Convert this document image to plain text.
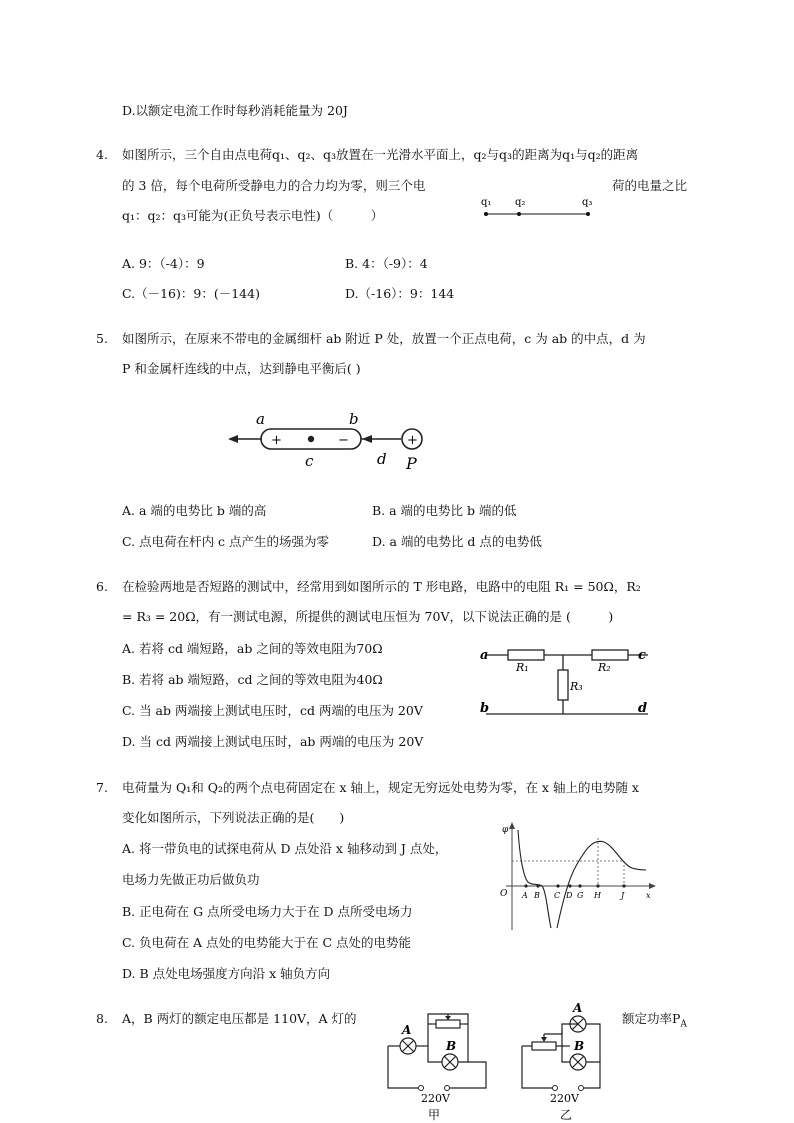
D.以额定电流工作时每秒消耗能量为 20J
4. 如图所示，三个自由点电荷q₁、q₂、q₃放置在一光滑水平面上，q₂与q₃的距离为q₁与q₂的距离
的 3 倍，每个电荷所受静电力的合力均为零，则三个电	荷的电量之比
q₁：q₂：q₃可能为(正负号表示电性)（　　　）
q₁ q₂	q₃
A. 9：（-4）：9	B. 4：（-9）：4
C.（－16)：9：(－144)	D.（-16）：9：144
5. 如图所示，在原来不带电的金属细杆 ab 附近 P 处，放置一个正点电荷，c 为 ab 的中点，d 为
P 和金属杆连线的中点，达到静电平衡后( )
+	−	+
a	b
c	d P
A. a 端的电势比 b 端的高	B. a 端的电势比 b 端的低
C. 点电荷在杆内 c 点产生的场强为零	D. a 端的电势比 d 点的电势低
6. 在检验两地是否短路的测试中，经常用到如图所示的 T 形电路，电路中的电阻 R₁ = 50Ω，R₂
= R₃ = 20Ω，有一测试电源，所提供的测试电压恒为 70V，以下说法正确的是 (　　　)
A. 若将 cd 端短路，ab 之间的等效电阻为70Ω
B. 若将 ab 端短路，cd 之间的等效电阻为40Ω
C. 当 ab 两端接上测试电压时，cd 两端的电压为 20V
D. 当 cd 两端接上测试电压时，ab 两端的电压为 20V
a	c
b	d
R₁	R₂
R₃
7. 电荷量为 Q₁和 Q₂的两个点电荷固定在 x 轴上，规定无穷远处电势为零，在 x 轴上的电势随 x
变化如图所示，下列说法正确的是(　　)
A. 将一带负电的试探电荷从 D 点处沿 x 轴移动到 J 点处，
电场力先做正功后做负功
B. 正电荷在 G 点所受电场力大于在 D 点所受电场力
C. 负电荷在 A 点处的电势能大于在 C 点处的电势能
D. B 点处电场强度方向沿 x 轴负方向
φ
O	x
A B C D G H	J
8. A，B 两灯的额定电压都是 110V，A 灯的	额定功率$P_A$
A
B
220V
甲
A
B
220V
乙
